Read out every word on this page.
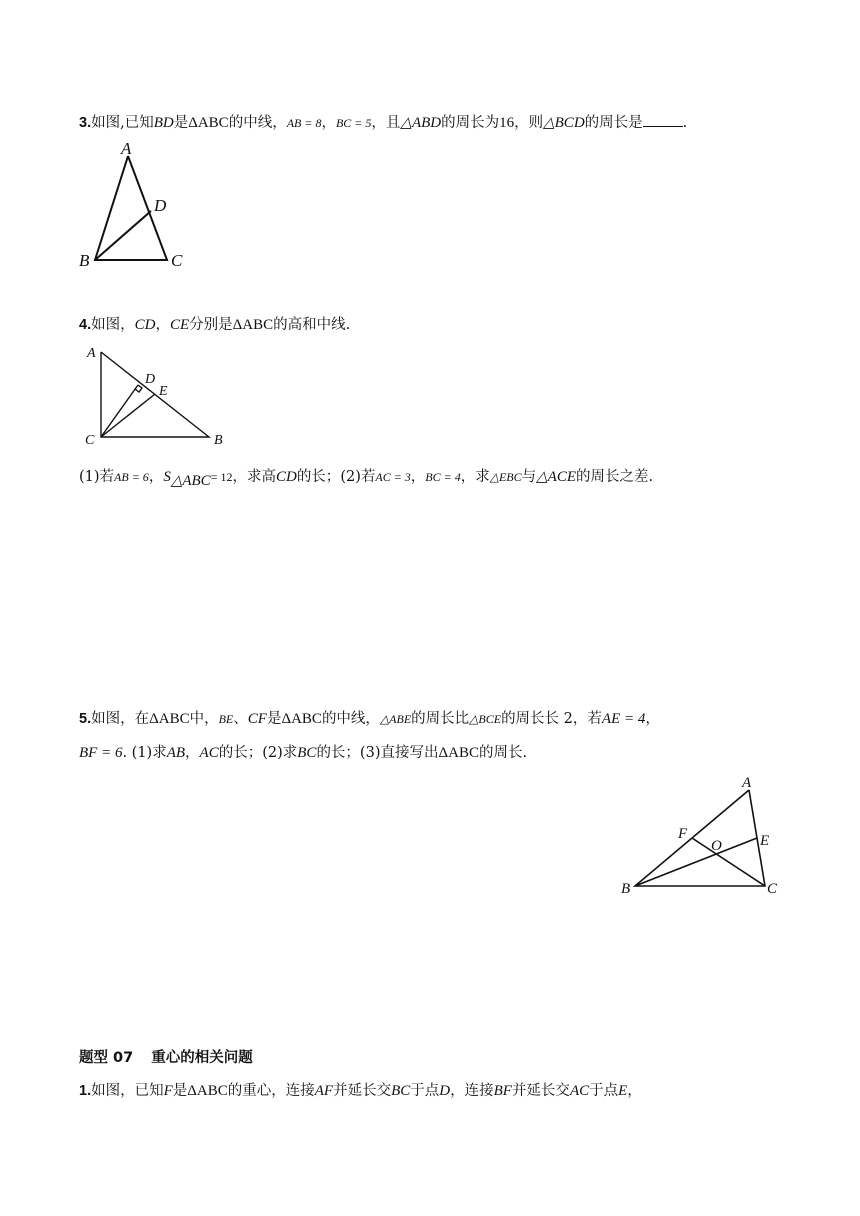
3.如图,已知BD是ΔABC的中线，AB = 8，BC = 5，且△ABD的周长为16，则△BCD的周长是	.
A
B	C
D
4.如图，CD，CE分别是ΔABC的高和中线.
A
C	B
D
E
(1)若AB = 6，$S_{\triangle ABC}= 12$，求高CD的长；(2)若AC = 3，BC = 4，求△EBC与△ACE的周长之差.
5.如图，在ΔABC中，BE、CF是ΔABC的中线，△ABE的周长比△BCE的周长长 2，若AE = 4，
BF = 6. (1)求AB，AC的长；(2)求BC的长；(3)直接写出ΔABC的周长.
A
B	C
E
F
O
题型 07 重心的相关问题
1.如图，已知F是ΔABC的重心，连接AF并延长交BC于点D，连接BF并延长交AC于点E，
